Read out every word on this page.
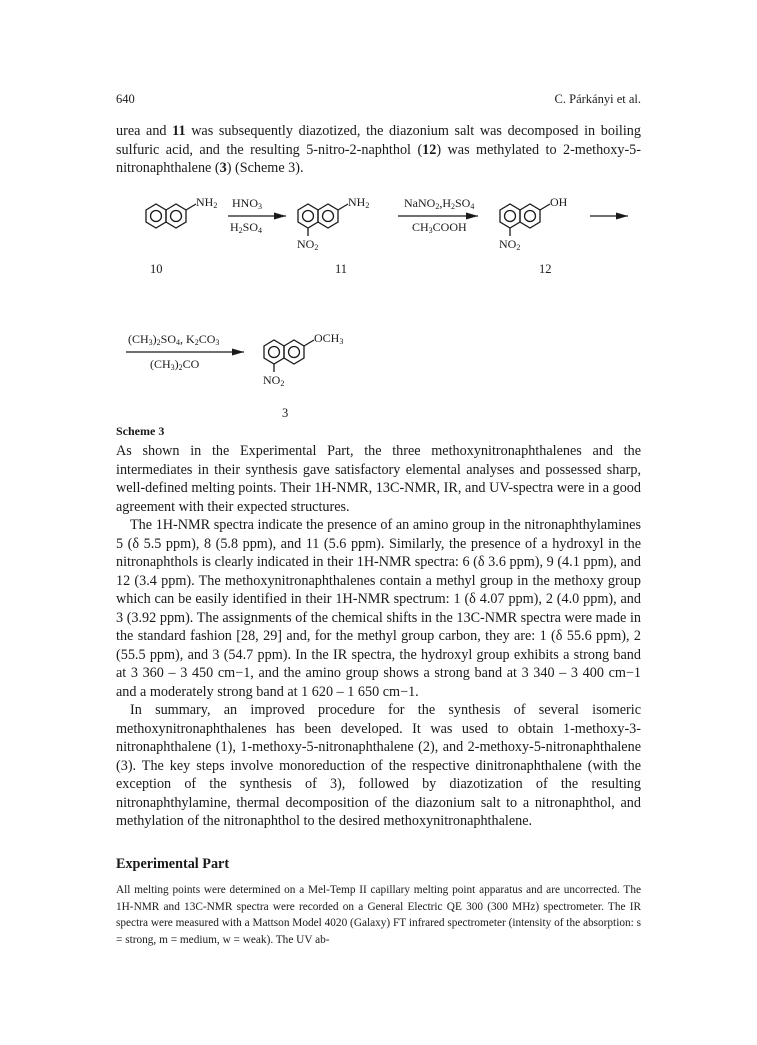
640	C. Párkányi et al.

urea and 11 was subsequently diazotized, the diazonium salt was decomposed in boiling sulfuric acid, and the resulting 5-nitro-2-naphthol (12) was methylated to 2-methoxy-5-nitronaphthalene (3) (Scheme 3).

$NH_2$	$NH_2$
$NO_2$
OH
$NO_2$
$OCH_3$
$NO_2$
$HNO_3$
$H_2SO_4$
$NaNO_2,H_2SO_4$
$CH_3COOH$
$(CH_3)_2SO_4$, $K_2CO_3$
$(CH_3)_2CO$
10	11	12
3
Scheme 3

As shown in the Experimental Part, the three methoxynitronaphthalenes and the intermediates in their synthesis gave satisfactory elemental analyses and possessed sharp, well-defined melting points. Their 1H-NMR, 13C-NMR, IR, and UV-spectra were in a good agreement with their expected structures.

The 1H-NMR spectra indicate the presence of an amino group in the nitronaphthylamines 5 (δ 5.5 ppm), 8 (5.8 ppm), and 11 (5.6 ppm). Similarly, the presence of a hydroxyl in the nitronaphthols is clearly indicated in their 1H-NMR spectra: 6 (δ 3.6 ppm), 9 (4.1 ppm), and 12 (3.4 ppm). The methoxynitronaphthalenes contain a methyl group in the methoxy group which can be easily identified in their 1H-NMR spectrum: 1 (δ 4.07 ppm), 2 (4.0 ppm), and 3 (3.92 ppm). The assignments of the chemical shifts in the 13C-NMR spectra were made in the standard fashion [28, 29] and, for the methyl group carbon, they are: 1 (δ 55.6 ppm), 2 (55.5 ppm), and 3 (54.7 ppm). In the IR spectra, the hydroxyl group exhibits a strong band at 3 360 – 3 450 cm−1, and the amino group shows a strong band at 3 340 – 3 400 cm−1 and a moderately strong band at 1 620 – 1 650 cm−1.

In summary, an improved procedure for the synthesis of several isomeric methoxynitronaphthalenes has been developed. It was used to obtain 1-methoxy-3-nitronaphthalene (1), 1-methoxy-5-nitronaphthalene (2), and 2-methoxy-5-nitronaphthalene (3). The key steps involve monoreduction of the respective dinitronaphthalene (with the exception of the synthesis of 3), followed by diazotization of the resulting nitronaphthylamine, thermal decomposition of the diazonium salt to a nitronaphthol, and methylation of the nitronaphthol to the desired methoxynitronaphthalene.

Experimental Part

All melting points were determined on a Mel-Temp II capillary melting point apparatus and are uncorrected. The 1H-NMR and 13C-NMR spectra were recorded on a General Electric QE 300 (300 MHz) spectrometer. The IR spectra were measured with a Mattson Model 4020 (Galaxy) FT infrared spectrometer (intensity of the absorption: s = strong, m = medium, w = weak). The UV ab-
